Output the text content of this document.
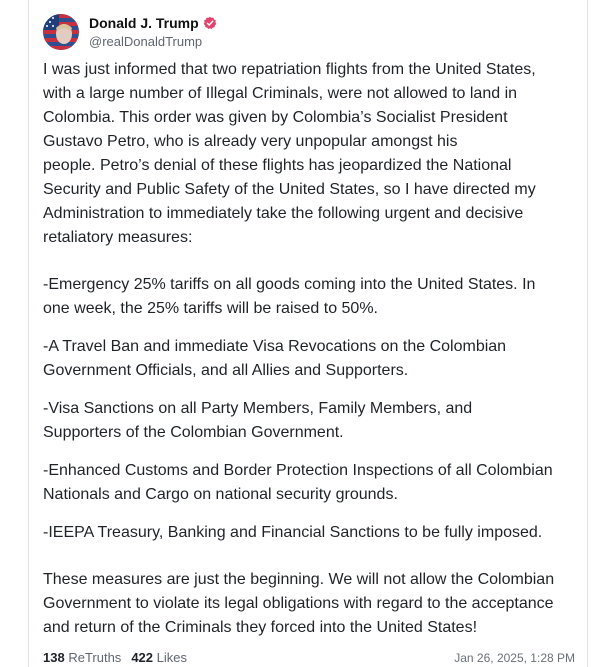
Donald J. Trump
@realDonaldTrump

I was just informed that two repatriation flights from the United States,
with a large number of Illegal Criminals, were not allowed to land in
Colombia. This order was given by Colombia’s Socialist President
Gustavo Petro, who is already very unpopular amongst his
people. Petro’s denial of these flights has jeopardized the National
Security and Public Safety of the United States, so I have directed my
Administration to immediately take the following urgent and decisive
retaliatory measures:

-Emergency 25% tariffs on all goods coming into the United States. In
one week, the 25% tariffs will be raised to 50%.

-A Travel Ban and immediate Visa Revocations on the Colombian
Government Officials, and all Allies and Supporters.

-Visa Sanctions on all Party Members, Family Members, and
Supporters of the Colombian Government.

-Enhanced Customs and Border Protection Inspections of all Colombian
Nationals and Cargo on national security grounds.

-IEEPA Treasury, Banking and Financial Sanctions to be fully imposed.

These measures are just the beginning. We will not allow the Colombian
Government to violate its legal obligations with regard to the acceptance
and return of the Criminals they forced into the United States!

138 ReTruths 422 Likes	Jan 26, 2025, 1:28 PM
